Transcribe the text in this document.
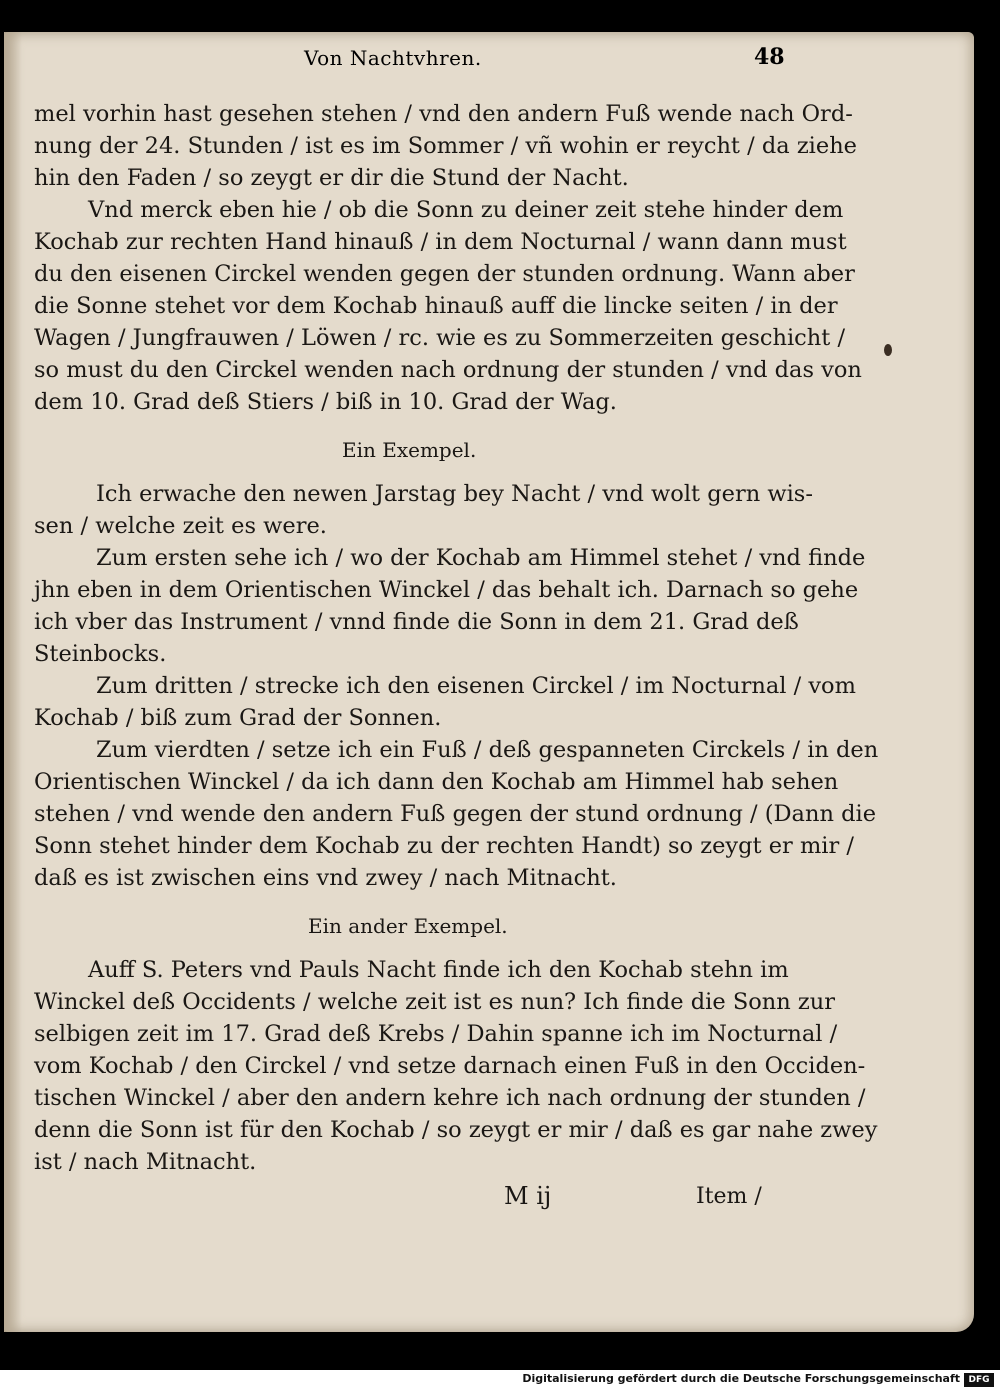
Von Nachtvhren.	48
mel vorhin hast gesehen stehen / vnd den andern Fuß wende nach Ord-
nung der 24. Stunden / ist es im Sommer / vñ wohin er reycht / da ziehe
hin den Faden / so zeygt er dir die Stund der Nacht.
Vnd merck eben hie / ob die Sonn zu deiner zeit stehe hinder dem
Kochab zur rechten Hand hinauß / in dem Nocturnal / wann dann must
du den eisenen Circkel wenden gegen der stunden ordnung. Wann aber
die Sonne stehet vor dem Kochab hinauß auff die lincke seiten / in der
Wagen / Jungfrauwen / Löwen / rc. wie es zu Sommerzeiten geschicht /
so must du den Circkel wenden nach ordnung der stunden / vnd das von
dem 10. Grad deß Stiers / biß in 10. Grad der Wag.
Ein Exempel.
Ich erwache den newen Jarstag bey Nacht / vnd wolt gern wis-
sen / welche zeit es were.
Zum ersten sehe ich / wo der Kochab am Himmel stehet / vnd finde
jhn eben in dem Orientischen Winckel / das behalt ich. Darnach so gehe
ich vber das Instrument / vnnd finde die Sonn in dem 21. Grad deß
Steinbocks.
Zum dritten / strecke ich den eisenen Circkel / im Nocturnal / vom
Kochab / biß zum Grad der Sonnen.
Zum vierdten / setze ich ein Fuß / deß gespanneten Circkels / in den
Orientischen Winckel / da ich dann den Kochab am Himmel hab sehen
stehen / vnd wende den andern Fuß gegen der stund ordnung / (Dann die
Sonn stehet hinder dem Kochab zu der rechten Handt) so zeygt er mir /
daß es ist zwischen eins vnd zwey / nach Mitnacht.
Ein ander Exempel.
Auff S. Peters vnd Pauls Nacht finde ich den Kochab stehn im
Winckel deß Occidents / welche zeit ist es nun? Ich finde die Sonn zur
selbigen zeit im 17. Grad deß Krebs / Dahin spanne ich im Nocturnal /
vom Kochab / den Circkel / vnd setze darnach einen Fuß in den Occiden-
tischen Winckel / aber den andern kehre ich nach ordnung der stunden /
denn die Sonn ist für den Kochab / so zeygt er mir / daß es gar nahe zwey
ist / nach Mitnacht.
M ij	Item /
Digitalisierung gefördert durch die Deutsche Forschungsgemeinschaft DFG
